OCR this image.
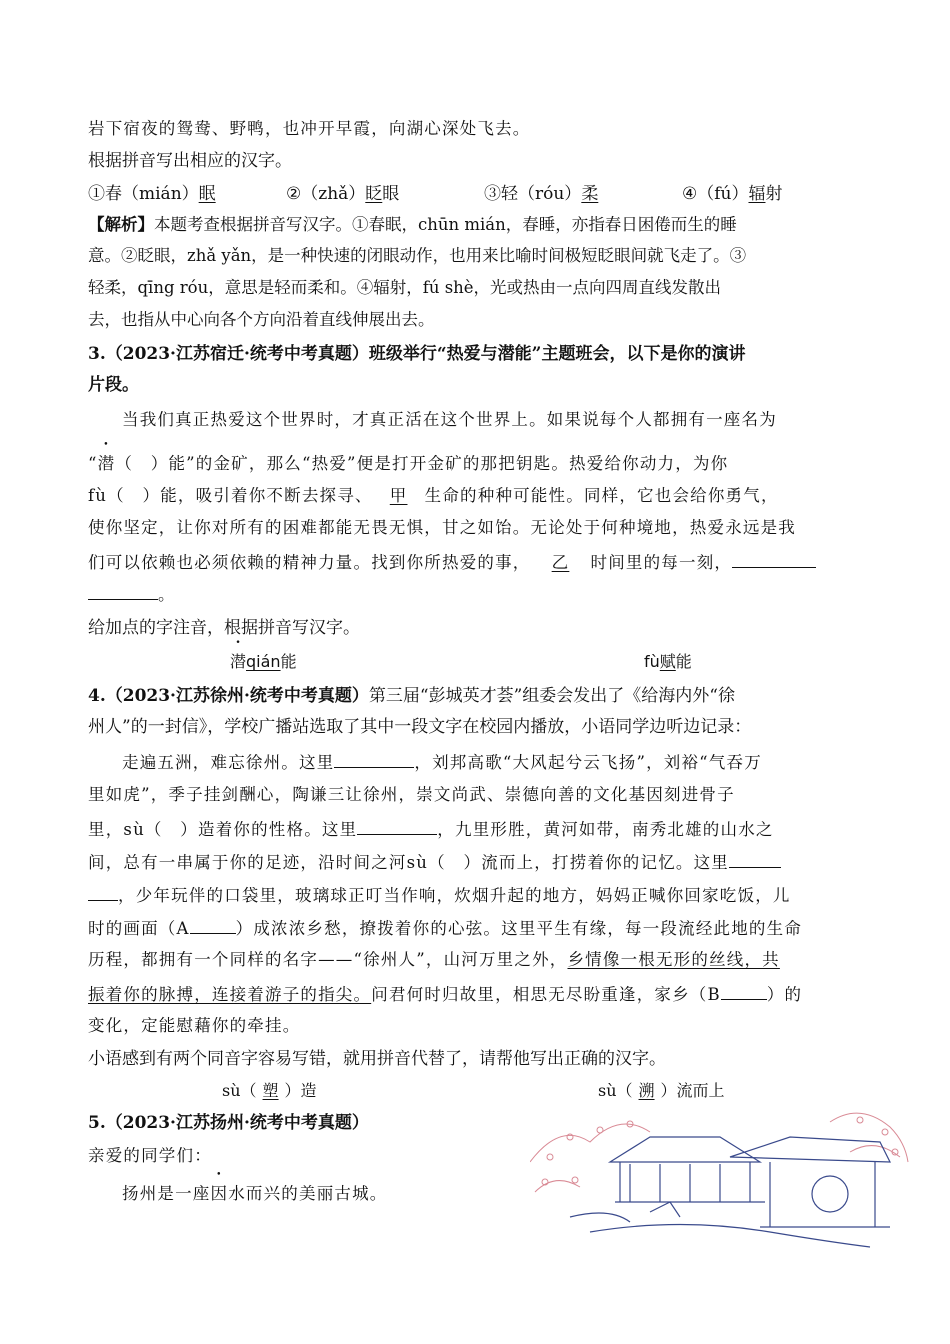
岩下宿夜的鸳鸯、野鸭，也冲开早霞，向湖心深处飞去。
根据拼音写出相应的汉字。
①春（mián）眠	②（zhǎ）眨眼	③轻（róu）柔	④（fú）辐射
【解析】本题考查根据拼音写汉字。①春眠，chūn mián，春睡，亦指春日困倦而生的睡
意。②眨眼，zhǎ yǎn，是一种快速的闭眼动作，也用来比喻时间极短眨眼间就飞走了。③
轻柔，qīng róu，意思是轻而柔和。④辐射，fú shè，光或热由一点向四周直线发散出
去，也指从中心向各个方向沿着直线伸展出去。
3.（2023·江苏宿迁·统考中考真题）班级举行“热爱与潜能”主题班会，以下是你的演讲
片段。
当我们真正热爱这个世界时，才真正活在这个世界上。如果说每个人都拥有一座名为
“潜（　）能”的金矿，那么“热爱”便是打开金矿的那把钥匙。热爱给你动力，为你
fù（　）能，吸引着你不断去探寻、 甲 生命的种种可能性。同样，它也会给你勇气，
使你坚定，让你对所有的困难都能无畏无惧，甘之如饴。无论处于何种境地，热爱永远是我
们可以依赖也必须依赖的精神力量。找到你所热爱的事， 乙 时间里的每一刻，
。
给加点的字注音，根据拼音写汉字。
潜qián能	fù赋能
4.（2023·江苏徐州·统考中考真题）第三届“彭城英才荟”组委会发出了《给海内外“徐
州人”的一封信》，学校广播站选取了其中一段文字在校园内播放，小语同学边听边记录：
走遍五洲，难忘徐州。这里	，刘邦高歌“大风起兮云飞扬”，刘裕“气吞万
里如虎”，季子挂剑酬心，陶谦三让徐州，崇文尚武、崇德向善的文化基因刻进骨子
里，sù（　）造着你的性格。这里	，九里形胜，黄河如带，南秀北雄的山水之
间，总有一串属于你的足迹，沿时间之河sù（　）流而上，打捞着你的记忆。这里
，少年玩伴的口袋里，玻璃球正叮当作响，炊烟升起的地方，妈妈正喊你回家吃饭，儿
时的画面（A	）成浓浓乡愁，撩拨着你的心弦。这里平生有缘，每一段流经此地的生命
历程，都拥有一个同样的名字——“徐州人”，山河万里之外，乡情像一根无形的丝线，共
振着你的脉搏，连接着游子的指尖。问君何时归故里，相思无尽盼重逢，家乡（B	）的
变化，定能慰藉你的牵挂。
小语感到有两个同音字容易写错，就用拼音代替了，请帮他写出正确的汉字。
sù（ 塑 ）造	sù（ 溯 ）流而上
5.（2023·江苏扬州·统考中考真题）
亲爱的同学们：
扬州是一座因水而兴的美丽古城。
